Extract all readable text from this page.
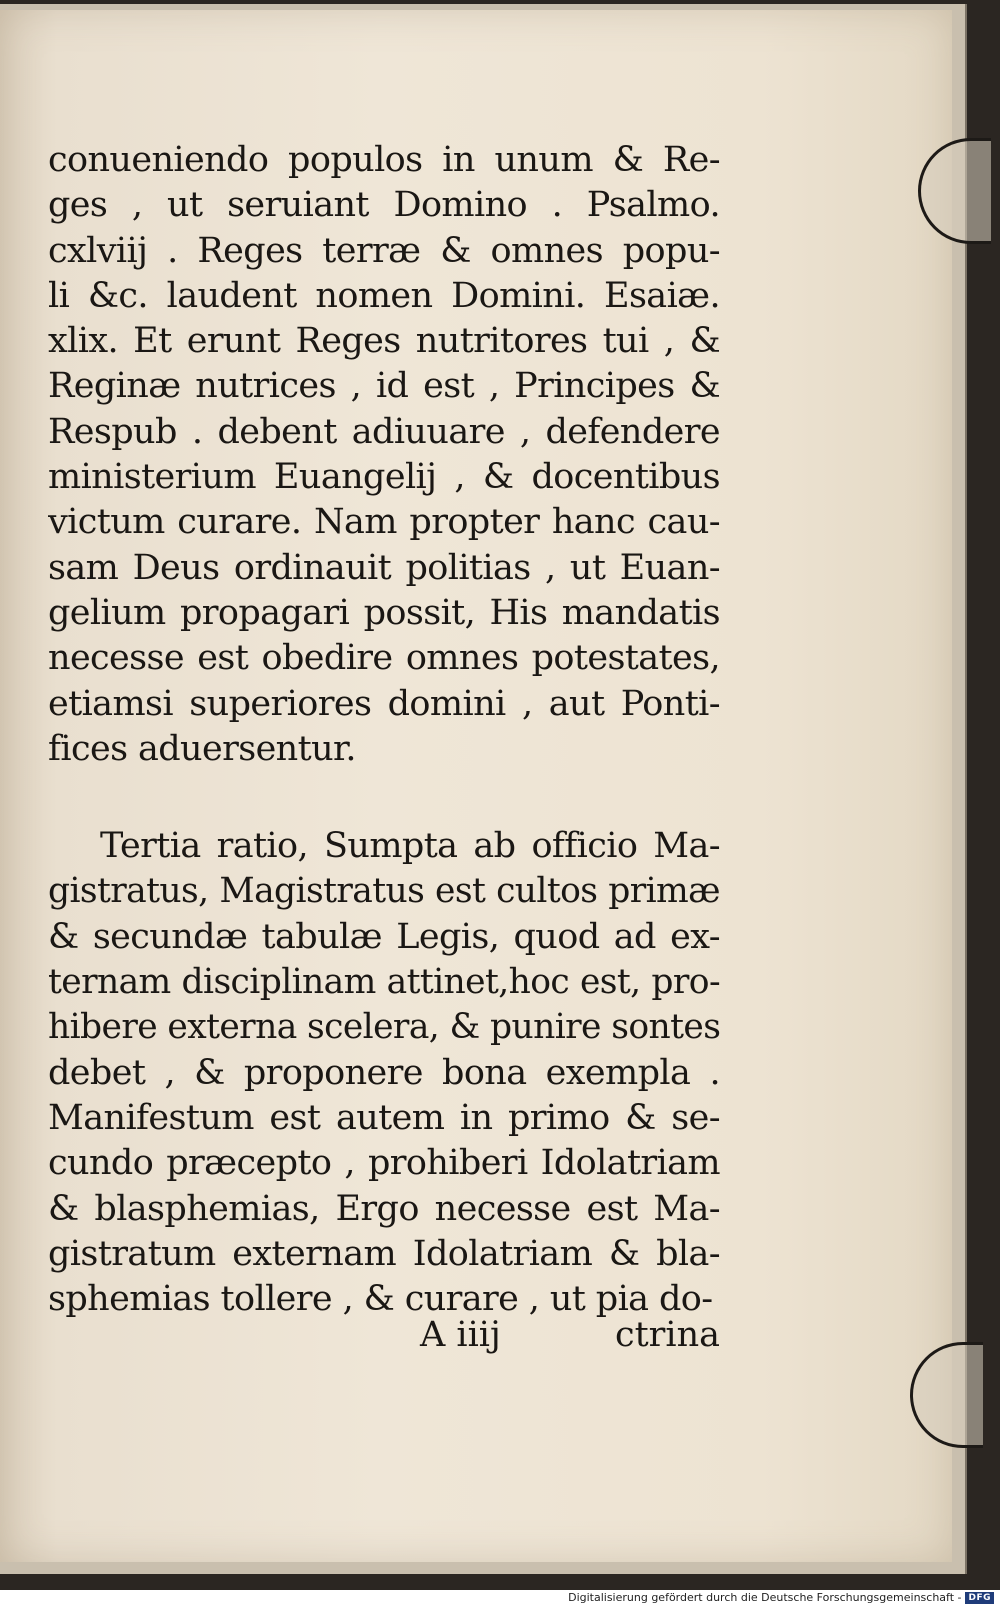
conueniendo populos in unum & Re-
ges , ut seruiant Domino . Psalmo.
cxlviij . Reges terræ & omnes popu-
li &c. laudent nomen Domini. Esaiæ.
xlix. Et erunt Reges nutritores tui , &
Reginæ nutrices , id est , Principes &
Respub . debent adiuuare , defendere
ministerium Euangelij , & docentibus
victum curare. Nam propter hanc cau-
sam Deus ordinauit politias , ut Euan-
gelium propagari possit, His mandatis
necesse est obedire omnes potestates,
etiamsi superiores domini , aut Ponti-
fices aduersentur.
Tertia ratio, Sumpta ab officio Ma-
gistratus, Magistratus est cultos primæ
& secundæ tabulæ Legis, quod ad ex-
ternam disciplinam attinet,hoc est, pro-
hibere externa scelera, & punire sontes
debet , & proponere bona exempla .
Manifestum est autem in primo & se-
cundo præcepto , prohiberi Idolatriam
& blasphemias, Ergo necesse est Ma-
gistratum externam Idolatriam & bla-
sphemias tollere , & curare , ut pia do-
A iiij	ctrina
Digitalisierung gefördert durch die Deutsche Forschungsgemeinschaft - DFG
